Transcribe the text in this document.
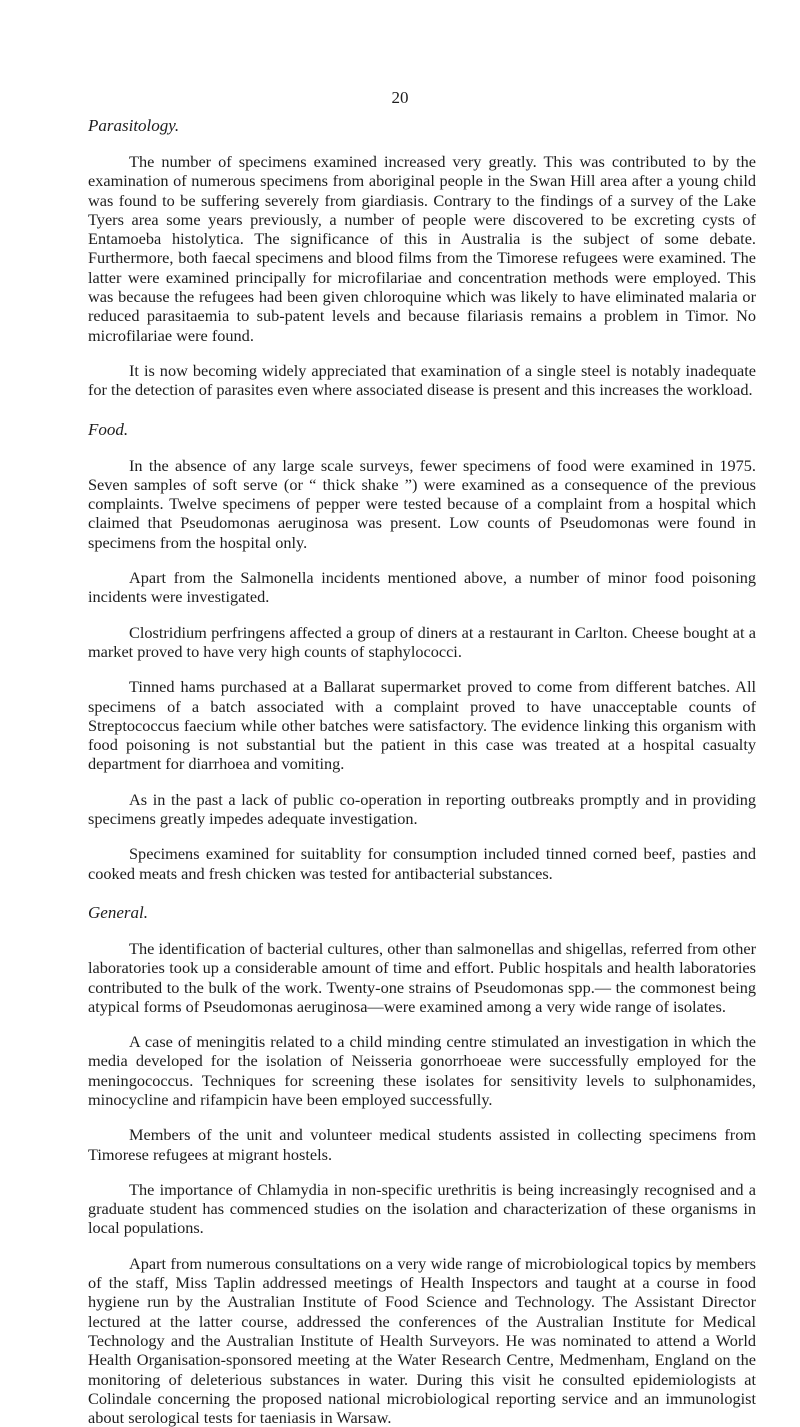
20
Parasitology.

The number of specimens examined increased very greatly. This was contributed to by the examination of numerous specimens from aboriginal people in the Swan Hill area after a young child was found to be suffering severely from giardiasis. Contrary to the findings of a survey of the Lake Tyers area some years previously, a number of people were discovered to be excreting cysts of Entamoeba histolytica. The significance of this in Australia is the subject of some debate. Furthermore, both faecal specimens and blood films from the Timorese refugees were examined. The latter were examined principally for microfilariae and concentration methods were employed. This was because the refugees had been given chloroquine which was likely to have eliminated malaria or reduced parasitaemia to sub-patent levels and because filariasis remains a problem in Timor. No microfilariae were found.

It is now becoming widely appreciated that examination of a single steel is notably inadequate for the detection of parasites even where associated disease is present and this increases the workload.

Food.

In the absence of any large scale surveys, fewer specimens of food were examined in 1975. Seven samples of soft serve (or “ thick shake ”) were examined as a consequence of the previous complaints. Twelve specimens of pepper were tested because of a complaint from a hospital which claimed that Pseudomonas aeruginosa was present. Low counts of Pseudomonas were found in specimens from the hospital only.

Apart from the Salmonella incidents mentioned above, a number of minor food poisoning incidents were investigated.

Clostridium perfringens affected a group of diners at a restaurant in Carlton. Cheese bought at a market proved to have very high counts of staphylococci.

Tinned hams purchased at a Ballarat supermarket proved to come from different batches. All specimens of a batch associated with a complaint proved to have unacceptable counts of Streptococcus faecium while other batches were satisfactory. The evidence linking this organism with food poisoning is not substantial but the patient in this case was treated at a hospital casualty department for diarrhoea and vomiting.

As in the past a lack of public co-operation in reporting outbreaks promptly and in providing specimens greatly impedes adequate investigation.

Specimens examined for suitablity for consumption included tinned corned beef, pasties and cooked meats and fresh chicken was tested for antibacterial substances.

General.

The identification of bacterial cultures, other than salmonellas and shigellas, referred from other laboratories took up a considerable amount of time and effort. Public hospitals and health laboratories contributed to the bulk of the work. Twenty-one strains of Pseudomonas spp.— the commonest being atypical forms of Pseudomonas aeruginosa—were examined among a very wide range of isolates.

A case of meningitis related to a child minding centre stimulated an investigation in which the media developed for the isolation of Neisseria gonorrhoeae were successfully employed for the meningococcus. Techniques for screening these isolates for sensitivity levels to sulphonamides, minocycline and rifampicin have been employed successfully.

Members of the unit and volunteer medical students assisted in collecting specimens from Timorese refugees at migrant hostels.

The importance of Chlamydia in non-specific urethritis is being increasingly recognised and a graduate student has commenced studies on the isolation and characterization of these organisms in local populations.

Apart from numerous consultations on a very wide range of microbiological topics by members of the staff, Miss Taplin addressed meetings of Health Inspectors and taught at a course in food hygiene run by the Australian Institute of Food Science and Technology. The Assistant Director lectured at the latter course, addressed the conferences of the Australian Institute for Medical Technology and the Australian Institute of Health Surveyors. He was nominated to attend a World Health Organisation-sponsored meeting at the Water Research Centre, Medmenham, England on the monitoring of deleterious substances in water. During this visit he consulted epidemiologists at Colindale concerning the proposed national microbiological reporting service and an immunologist about serological tests for taeniasis in Warsaw.
